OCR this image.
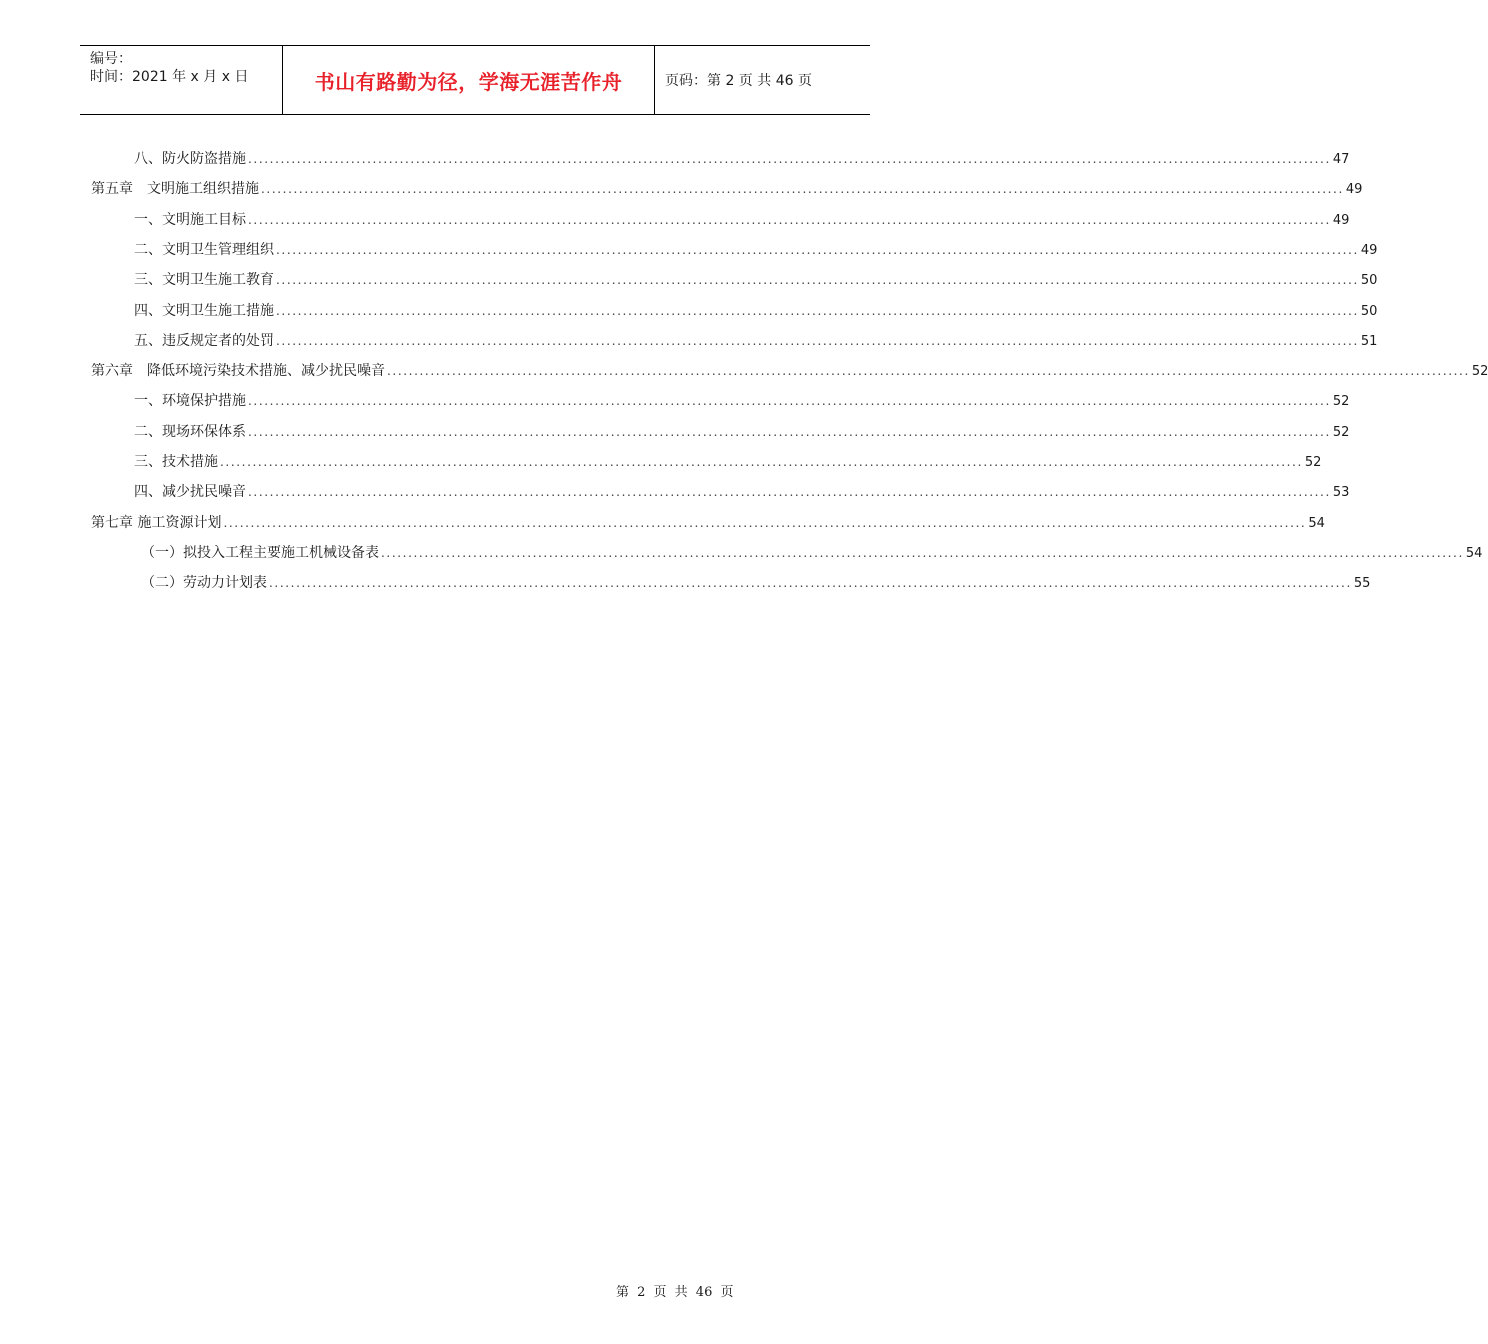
编号：
时间：2021 年 x 月 x 日	书山有路勤为径，学海无涯苦作舟	页码：第 2 页 共 46 页
八、防火防盗措施 ........................................................................................................................................................................................................ 47
第五章　文明施工组织措施 ........................................................................................................................................................................................................ 49
一、文明施工目标 ........................................................................................................................................................................................................ 49
二、文明卫生管理组织 ........................................................................................................................................................................................................ 49
三、文明卫生施工教育 ........................................................................................................................................................................................................ 50
四、文明卫生施工措施 ........................................................................................................................................................................................................ 50
五、违反规定者的处罚 ........................................................................................................................................................................................................ 51
第六章　降低环境污染技术措施、减少扰民噪音 ........................................................................................................................................................................................................ 52
一、环境保护措施 ........................................................................................................................................................................................................ 52
二、现场环保体系 ........................................................................................................................................................................................................ 52
三、技术措施 ........................................................................................................................................................................................................ 52
四、减少扰民噪音 ........................................................................................................................................................................................................ 53
第七章 施工资源计划 ........................................................................................................................................................................................................ 54
（一）拟投入工程主要施工机械设备表 ........................................................................................................................................................................................................ 54
（二）劳动力计划表 ........................................................................................................................................................................................................ 55
第 2 页 共 46 页
